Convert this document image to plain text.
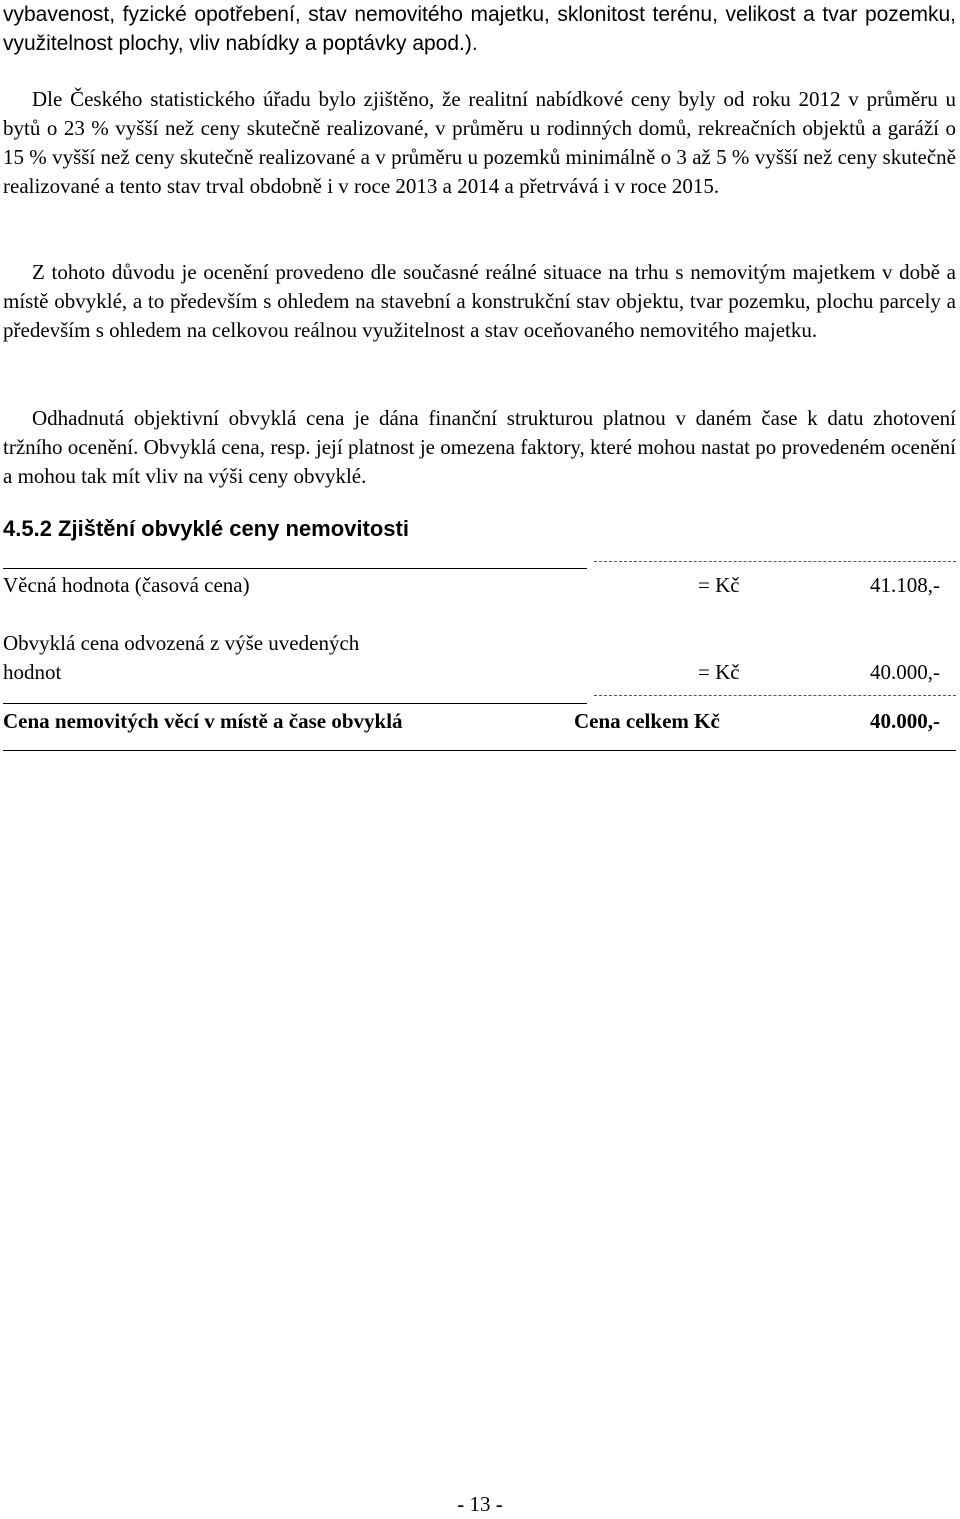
vybavenost, fyzické opotřebení, stav nemovitého majetku, sklonitost terénu, velikost a tvar pozemku, využitelnost plochy, vliv nabídky a poptávky apod.).

Dle Českého statistického úřadu bylo zjištěno, že realitní nabídkové ceny byly od roku 2012 v průměru u bytů o 23 % vyšší než ceny skutečně realizované, v průměru u rodinných domů, rekreačních objektů a garáží o 15 % vyšší než ceny skutečně realizované a v průměru u pozemků minimálně o 3 až 5 % vyšší než ceny skutečně realizované a tento stav trval obdobně i v roce 2013 a 2014 a přetrvává i v roce 2015.

Z tohoto důvodu je ocenění provedeno dle současné reálné situace na trhu s nemovitým majetkem v době a místě obvyklé, a to především s ohledem na stavební a konstrukční stav objektu, tvar pozemku, plochu parcely a především s ohledem na celkovou reálnou využitelnost a stav oceňovaného nemovitého majetku.

Odhadnutá objektivní obvyklá cena je dána finanční strukturou platnou v daném čase k datu zhotovení tržního ocenění. Obvyklá cena, resp. její platnost je omezena faktory, které mohou nastat po provedeném ocenění a mohou tak mít vliv na výši ceny obvyklé.

4.5.2 Zjištění obvyklé ceny nemovitosti
Věcná hodnota (časová cena)	= Kč	41.108,-
Obvyklá cena odvozená z výše uvedených
hodnot	= Kč	40.000,-
Cena nemovitých věcí v místě a čase obvyklá	Cena celkem Kč	40.000,-
- 13 -
